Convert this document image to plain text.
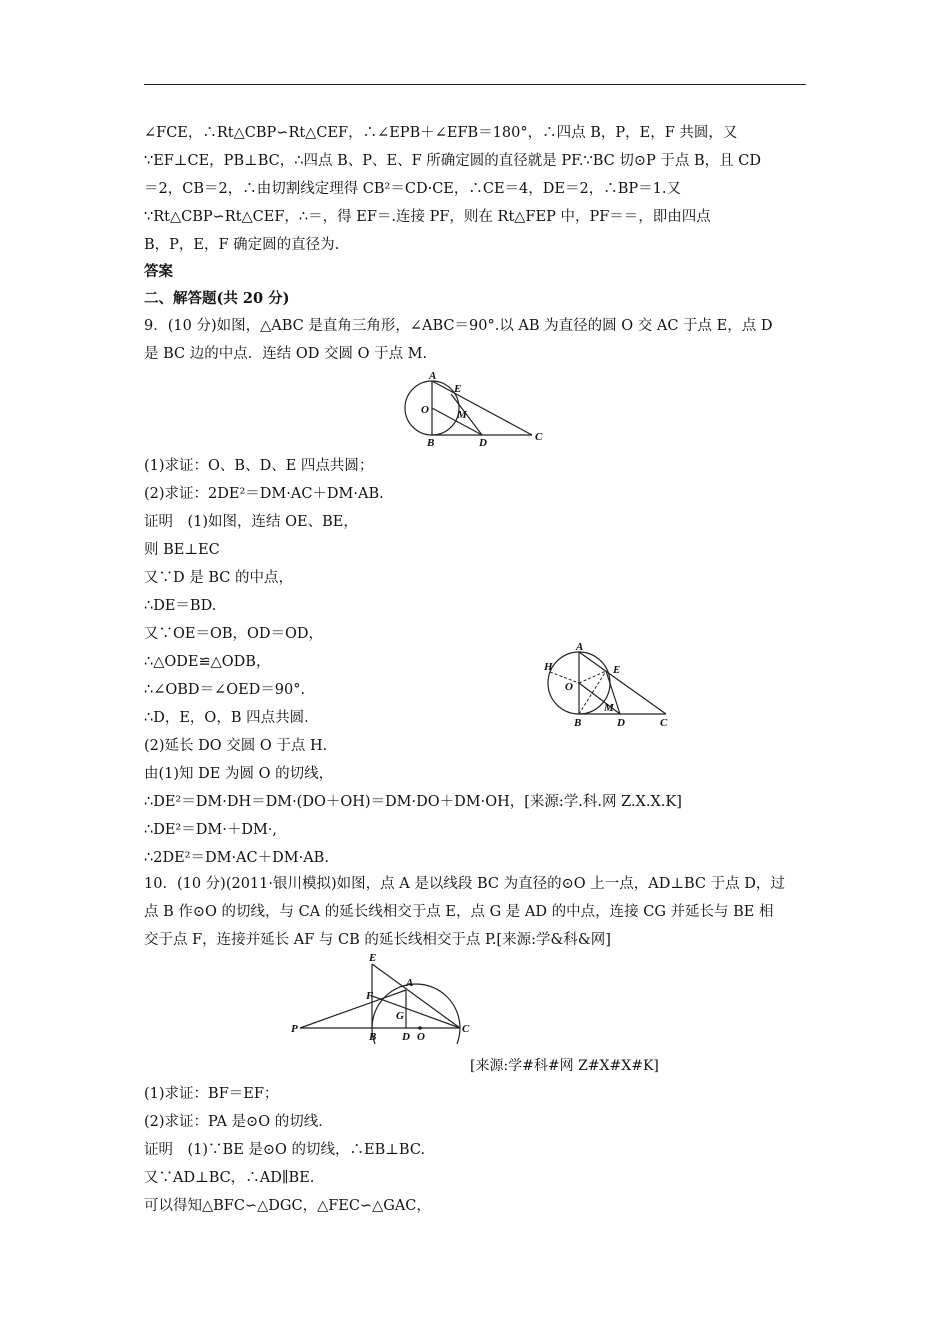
∠FCE，∴Rt△CBP∽Rt△CEF，∴∠EPB＋∠EFB＝180°，∴四点 B，P，E，F 共圆，又
∵EF⊥CE，PB⊥BC，∴四点 B、P、E、F 所确定圆的直径就是 PF.∵BC 切⊙P 于点 B，且 CD
＝2，CB＝2，∴由切割线定理得 CB²＝CD·CE，∴CE＝4，DE＝2，∴BP＝1.又
∵Rt△CBP∽Rt△CEF，∴＝，得 EF＝.连接 PF，则在 Rt△FEP 中，PF＝＝，即由四点
B，P，E，F 确定圆的直径为.
答案
二、解答题(共 20 分)
9．(10 分)如图，△ABC 是直角三角形，∠ABC＝90°.以 AB 为直径的圆 O 交 AC 于点 E，点 D
是 BC 边的中点．连结 OD 交圆 O 于点 M.
A
E
O	M
B	D	C
(1)求证：O、B、D、E 四点共圆；
(2)求证：2DE²＝DM·AC＋DM·AB.
证明　(1)如图，连结 OE、BE，
则 BE⊥EC
又∵D 是 BC 的中点，
∴DE＝BD.
又∵OE＝OB，OD＝OD，
∴△ODE≌△ODB，
∴∠OBD＝∠OED＝90°.
∴D，E，O，B 四点共圆．
(2)延长 DO 交圆 O 于点 H.
由(1)知 DE 为圆 O 的切线，
∴DE²＝DM·DH＝DM·(DO＋OH)＝DM·DO＋DM·OH，[来源:学.科.网 Z.X.X.K]
∴DE²＝DM·＋DM·,
∴2DE²＝DM·AC＋DM·AB.
A
H	E
O
M
B	D	C
10．(10 分)(2011·银川模拟)如图，点 A 是以线段 BC 为直径的⊙O 上一点，AD⊥BC 于点 D，过
点 B 作⊙O 的切线，与 CA 的延长线相交于点 E，点 G 是 AD 的中点，连接 CG 并延长与 BE 相
交于点 F，连接并延长 AF 与 CB 的延长线相交于点 P.[来源:学&科&网]
E
A
F
G
P
B D O
C
[来源:学#科#网 Z#X#X#K]
(1)求证：BF＝EF；
(2)求证：PA 是⊙O 的切线．
证明　(1)∵BE 是⊙O 的切线，∴EB⊥BC.
又∵AD⊥BC，∴AD∥BE.
可以得知△BFC∽△DGC，△FEC∽△GAC，
